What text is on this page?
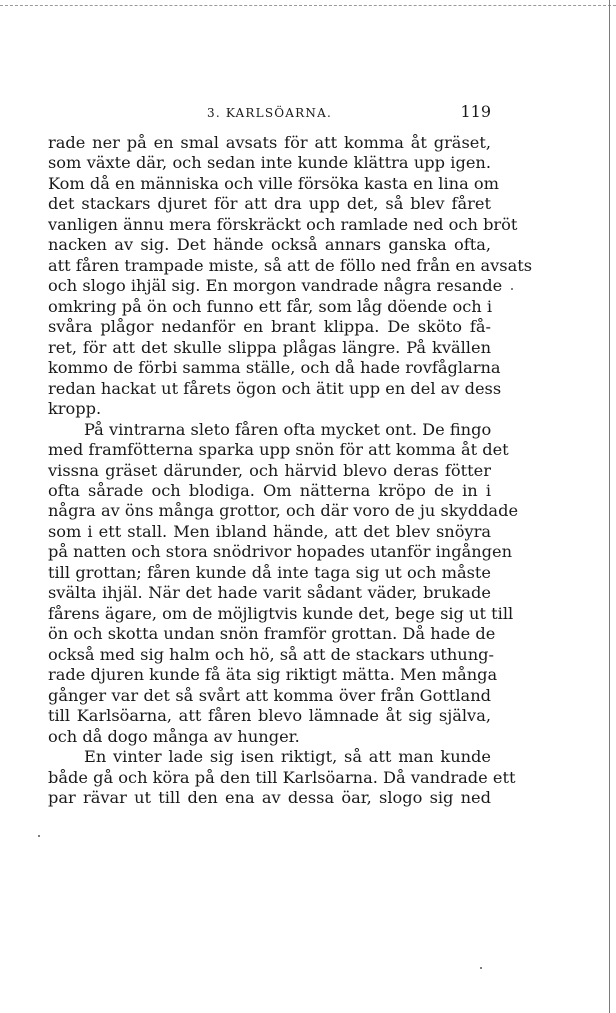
3. KARLSÖARNA.	119
rade ner på en smal avsats för att komma åt gräset,
som växte där, och sedan inte kunde klättra upp igen.
Kom då en människa och ville försöka kasta en lina om
det stackars djuret för att dra upp det, så blev fåret
vanligen ännu mera förskräckt och ramlade ned och bröt
nacken av sig. Det hände också annars ganska ofta,
att fåren trampade miste, så att de föllo ned från en avsats
och slogo ihjäl sig. En morgon vandrade några resande
omkring på ön och funno ett får, som låg döende och i
svåra plågor nedanför en brant klippa. De sköto få-
ret, för att det skulle slippa plågas längre. På kvällen
kommo de förbi samma ställe, och då hade rovfåglarna
redan hackat ut fårets ögon och ätit upp en del av dess
kropp.
På vintrarna sleto fåren ofta mycket ont. De fingo
med framfötterna sparka upp snön för att komma åt det
vissna gräset därunder, och härvid blevo deras fötter
ofta sårade och blodiga. Om nätterna kröpo de in i
några av öns många grottor, och där voro de ju skyddade
som i ett stall. Men ibland hände, att det blev snöyra
på natten och stora snödrivor hopades utanför ingången
till grottan; fåren kunde då inte taga sig ut och måste
svälta ihjäl. När det hade varit sådant väder, brukade
fårens ägare, om de möjligtvis kunde det, bege sig ut till
ön och skotta undan snön framför grottan. Då hade de
också med sig halm och hö, så att de stackars uthung-
rade djuren kunde få äta sig riktigt mätta. Men många
gånger var det så svårt att komma över från Gottland
till Karlsöarna, att fåren blevo lämnade åt sig själva,
och då dogo många av hunger.
En vinter lade sig isen riktigt, så att man kunde
både gå och köra på den till Karlsöarna. Då vandrade ett
par rävar ut till den ena av dessa öar, slogo sig ned
